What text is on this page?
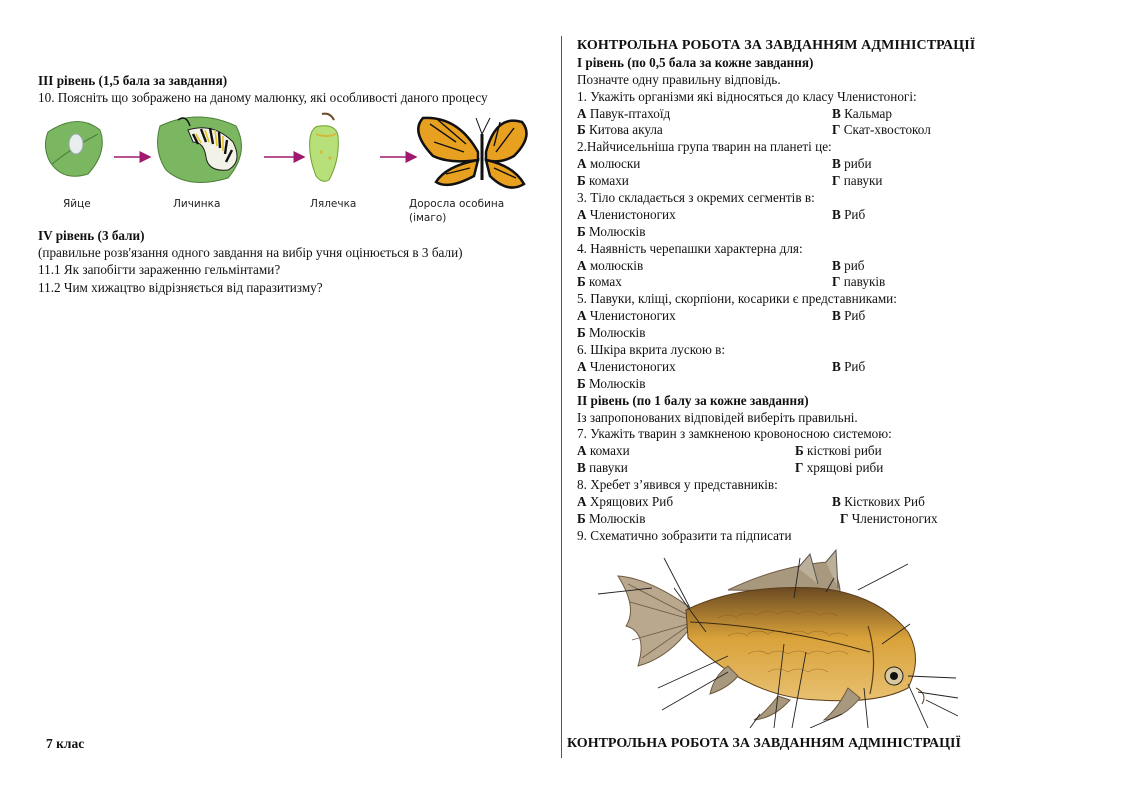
III рівень (1,5 бала за завдання)
10. Поясніть що зображено на даному малюнку, які особливості даного процесу
Яйце	Личинка	Лялечка	Доросла особина
(імаго)
IV рівень (3 бали)
(правильне розв'язання одного завдання на вибір учня оцінюється в 3 бали)
11.1 Як запобігти зараженню гельмінтами?
11.2 Чим хижацтво відрізняється від паразитизму?
7 клас
КОНТРОЛЬНА РОБОТА ЗА ЗАВДАННЯМ АДМІНІСТРАЦІЇ
І рівень (по 0,5 бала за кожне завдання)
Позначте одну правильну відповідь.
1. Укажіть організми які відносяться до класу Членистоногі:
А Павук-птахоїд	В Кальмар
Б Китова акула	Г Скат-хвостокол
2.Найчисельніша група тварин на планеті це:
А молюски	В риби
Б комахи	Г павуки
3. Тіло складається з окремих сегментів в:
А Членистоногих	В Риб
Б Молюсків
4. Наявність черепашки характерна для:
А молюсків	В риб
Б комах	Г павуків
5. Павуки, кліщі, скорпіони, косарики є представниками:
А Членистоногих	В Риб
Б Молюсків
6. Шкіра вкрита лускою в:
А Членистоногих	В Риб
Б Молюсків
ІІ рівень (по 1 балу за кожне завдання)
Із запропонованих відповідей виберіть правильні.
7. Укажіть тварин з замкненою кровоносною системою:
А комахи	Б кісткові риби
В павуки	Г хрящові риби
8. Хребет з’явився у представників:
А Хрящових Риб	В Кісткових Риб
Б Молюсків	Г Членистоногих
9. Схематично зобразити та підписати
КОНТРОЛЬНА РОБОТА ЗА ЗАВДАННЯМ АДМІНІСТРАЦІЇ
